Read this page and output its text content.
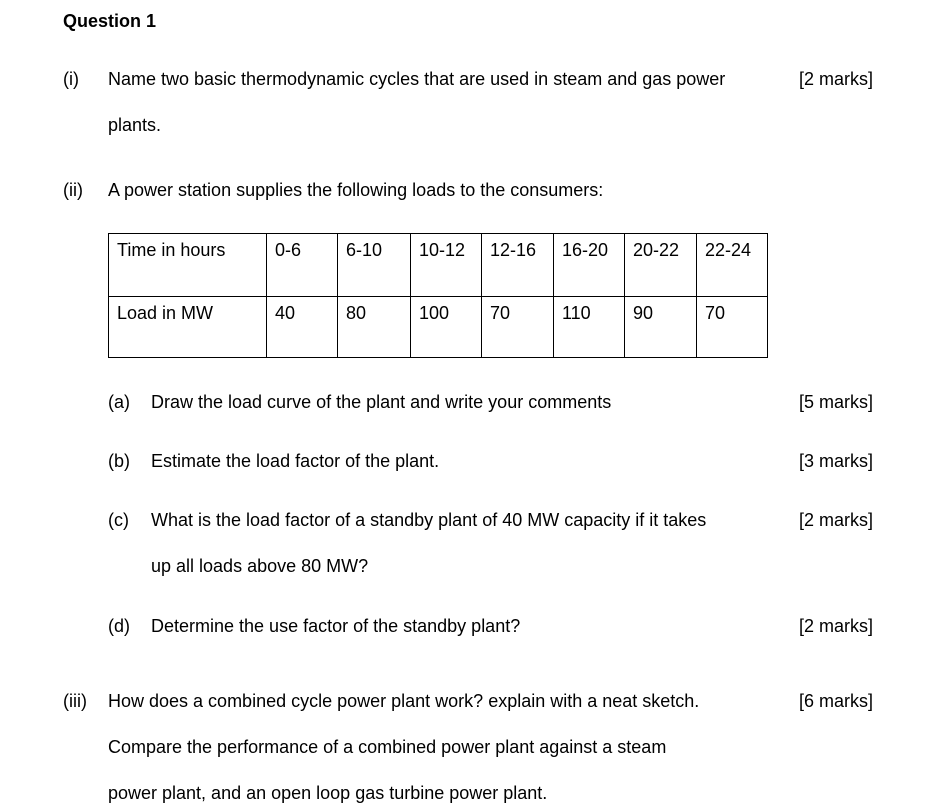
Question 1
(i) Name two basic thermodynamic cycles that are used in steam and gas power	[2 marks]
plants.
(ii) A power station supplies the following loads to the consumers:
Time in hours	0-6	6-10	10-12	12-16	16-20	20-22	22-24
Load in MW	40	80	100	70	110	90	70
(a) Draw the load curve of the plant and write your comments	[5 marks]
(b) Estimate the load factor of the plant.	[3 marks]
(c) What is the load factor of a standby plant of 40 MW capacity if it takes	[2 marks]
up all loads above 80 MW?
(d) Determine the use factor of the standby plant?	[2 marks]
(iii) How does a combined cycle power plant work? explain with a neat sketch.	[6 marks]
Compare the performance of a combined power plant against a steam
power plant, and an open loop gas turbine power plant.
